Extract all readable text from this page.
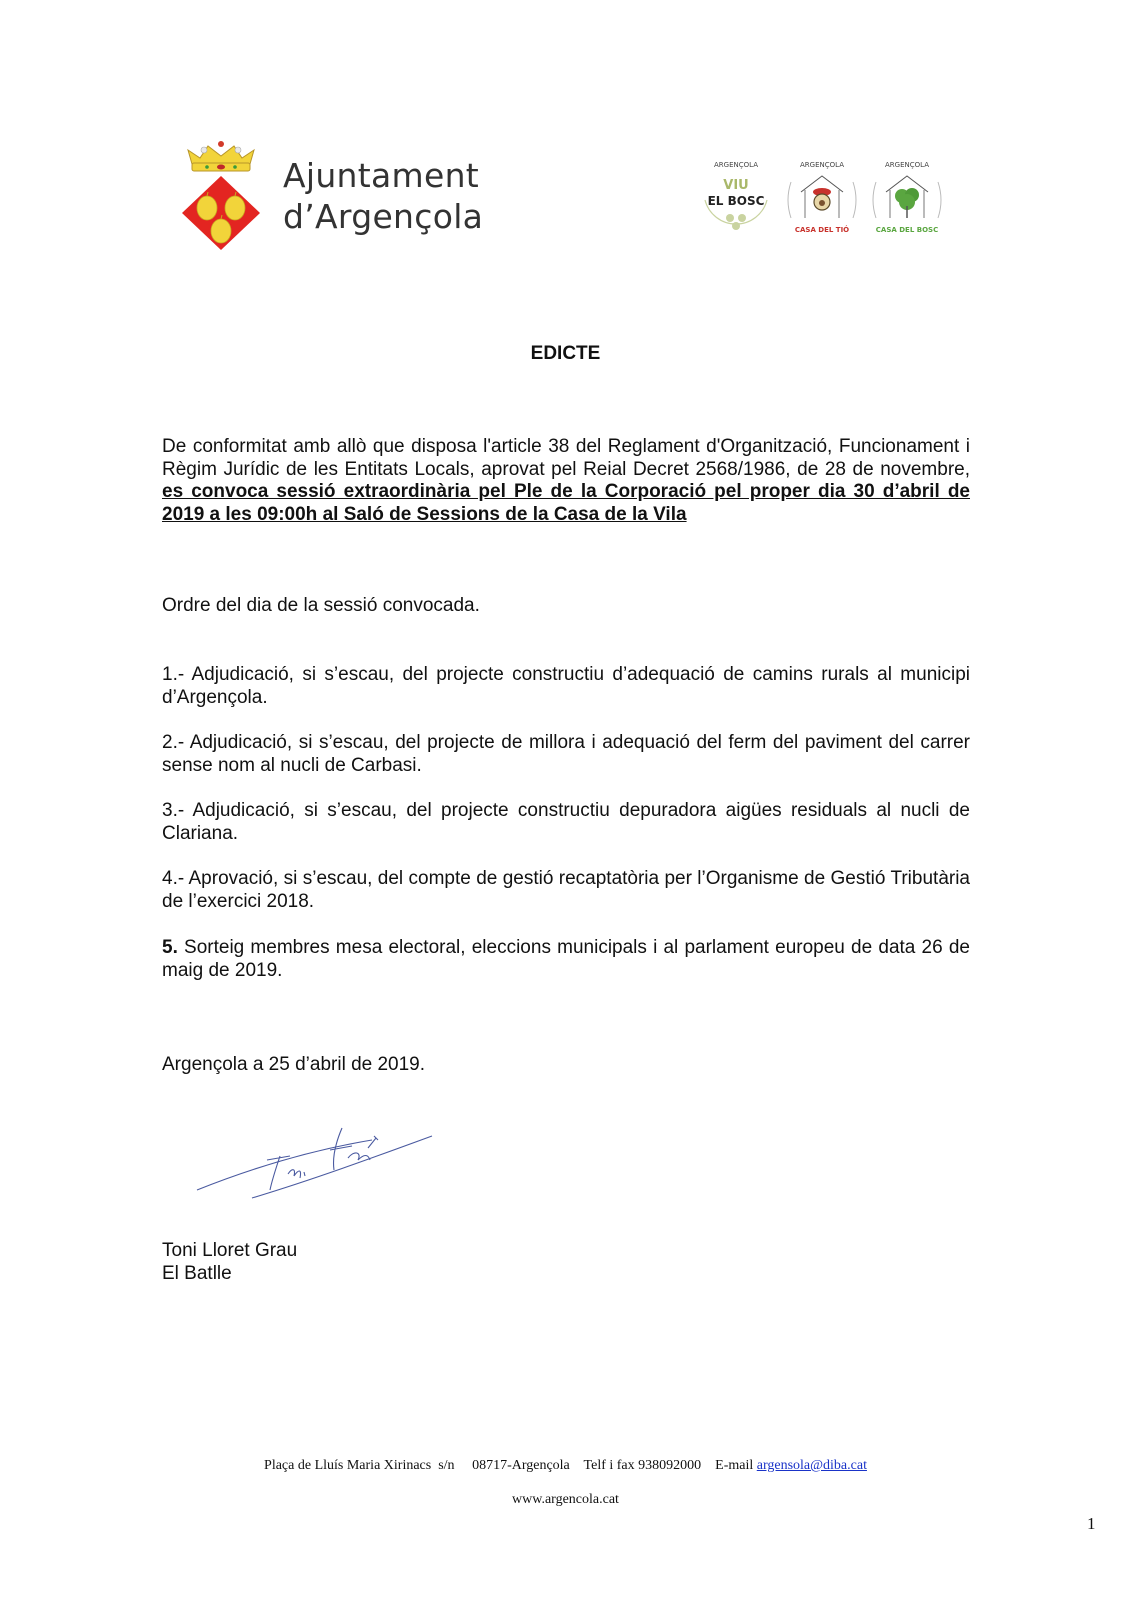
Ajuntament
d’Argençola
ARGENÇOLA
VIU
EL BOSC
ARGENÇOLA
CASA DEL TIÓ
ARGENÇOLA
CASA DEL BOSC
EDICTE
De conformitat amb allò que disposa l'article 38 del Reglament d'Organització, Funcionament i Règim Jurídic de les Entitats Locals, aprovat pel Reial Decret 2568/1986, de 28 de novembre, es convoca sessió extraordinària pel Ple de la Corporació pel proper dia 30 d’abril de 2019 a les 09:00h al Saló de Sessions de la Casa de la Vila
Ordre del dia de la sessió convocada.
1.- Adjudicació, si s’escau, del projecte constructiu d’adequació de camins rurals al municipi d’Argençola.
2.- Adjudicació, si s’escau, del projecte de millora i adequació del ferm del paviment del carrer sense nom al nucli de Carbasi.
3.- Adjudicació, si s’escau, del projecte constructiu depuradora aigües residuals al nucli de Clariana.
4.- Aprovació, si s’escau, del compte de gestió recaptatòria per l’Organisme de Gestió Tributària de l’exercici 2018.
5. Sorteig membres mesa electoral, eleccions municipals i al parlament europeu de data 26 de maig de 2019.
Argençola a 25 d’abril de 2019.
Toni Lloret Grau
El Batlle
Plaça de Lluís Maria Xirinacs  s/n 08717-Argençola Telf i fax 938092000 E-mail argensola@diba.cat
www.argencola.cat
1
